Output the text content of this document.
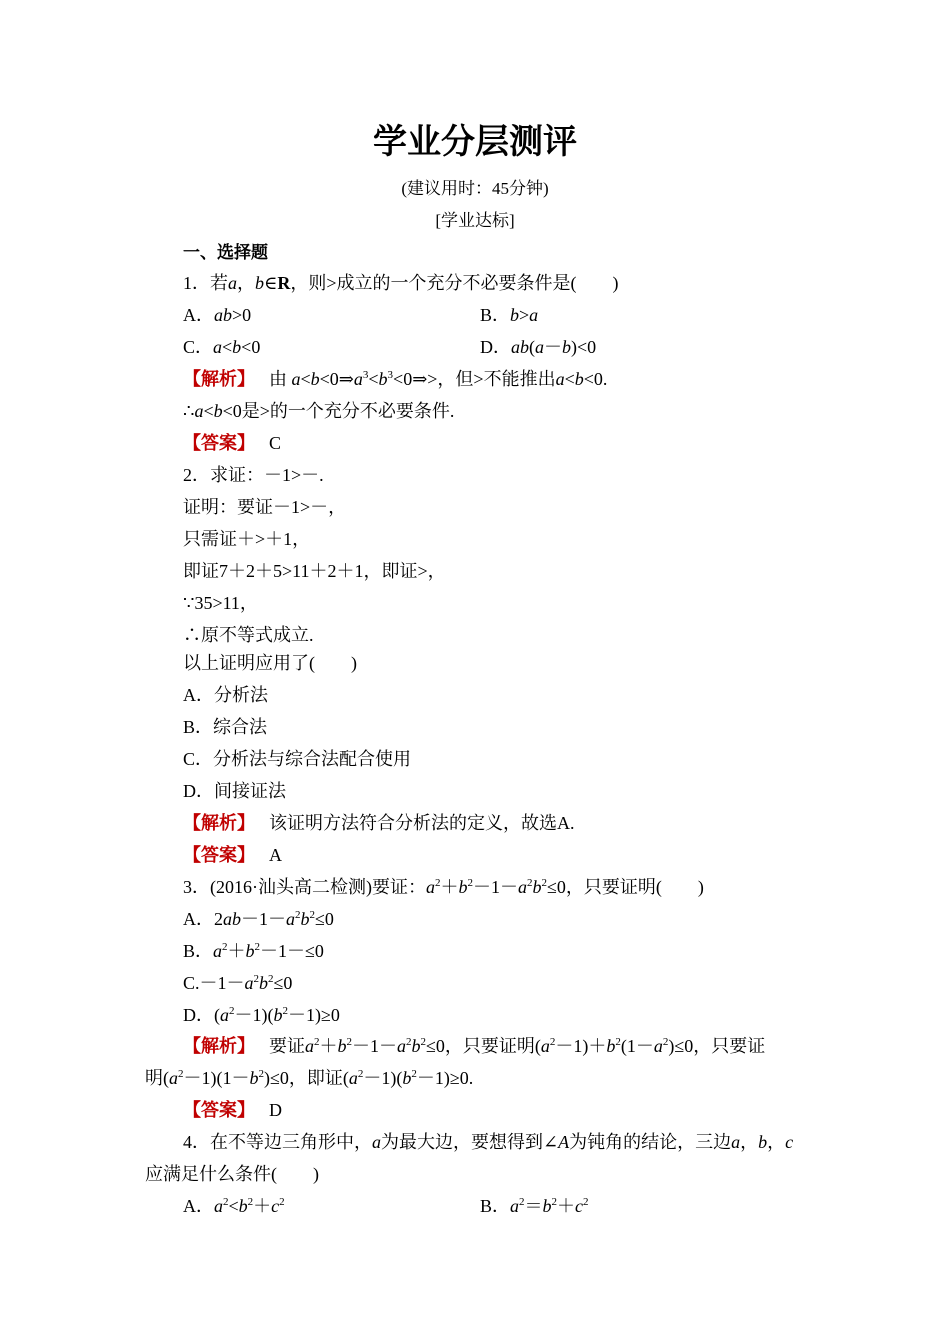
学业分层测评
(建议用时：45分钟)
[学业达标]
一、选择题
1．若a，b∈R，则>成立的一个充分不必要条件是(　　)
A．ab>0	B．b>a
C．a<b<0	D．ab(a－b)<0
【解析】 由 $a<b<0\Rightarrow a^3<b^3<0\Rightarrow>$，但>不能推出a<b<0.
∴a<b<0是>的一个充分不必要条件.
【答案】 C
2．求证：－1>－.
证明：要证－1>－，
只需证＋>＋1，
即证7＋2＋5>11＋2＋1，即证>，
∵35>11，
∴原不等式成立.
以上证明应用了(　　)
A．分析法
B．综合法
C．分析法与综合法配合使用
D．间接证法
【解析】 该证明方法符合分析法的定义，故选A.
【答案】 A
3．(2016·汕头高二检测)要证：$a^2+b^2-1-a^2b^2\le 0$，只要证明(　　)
A．$2ab-1-a^2b^2\le 0$
B．$a^2+b^2-1-\le 0$
$C.-1-a^2b^2\le 0$
D．$(a^2-1)(b^2-1)\ge 0$
【解析】 要证$a^2+b^2-1-a^2b^2\le 0$，只要证明$(a^2-1)+b^2(1-a^2)\le 0$，只要证
明$(a^2-1)(1-b^2)\le 0$，即证$(a^2-1)(b^2-1)\ge 0$.
【答案】 D
4．在不等边三角形中，a为最大边，要想得到∠A为钝角的结论，三边a，b，c
应满足什么条件(　　)
A．$a^2<b^2+c^2$	B．$a^2=b^2+c^2$
